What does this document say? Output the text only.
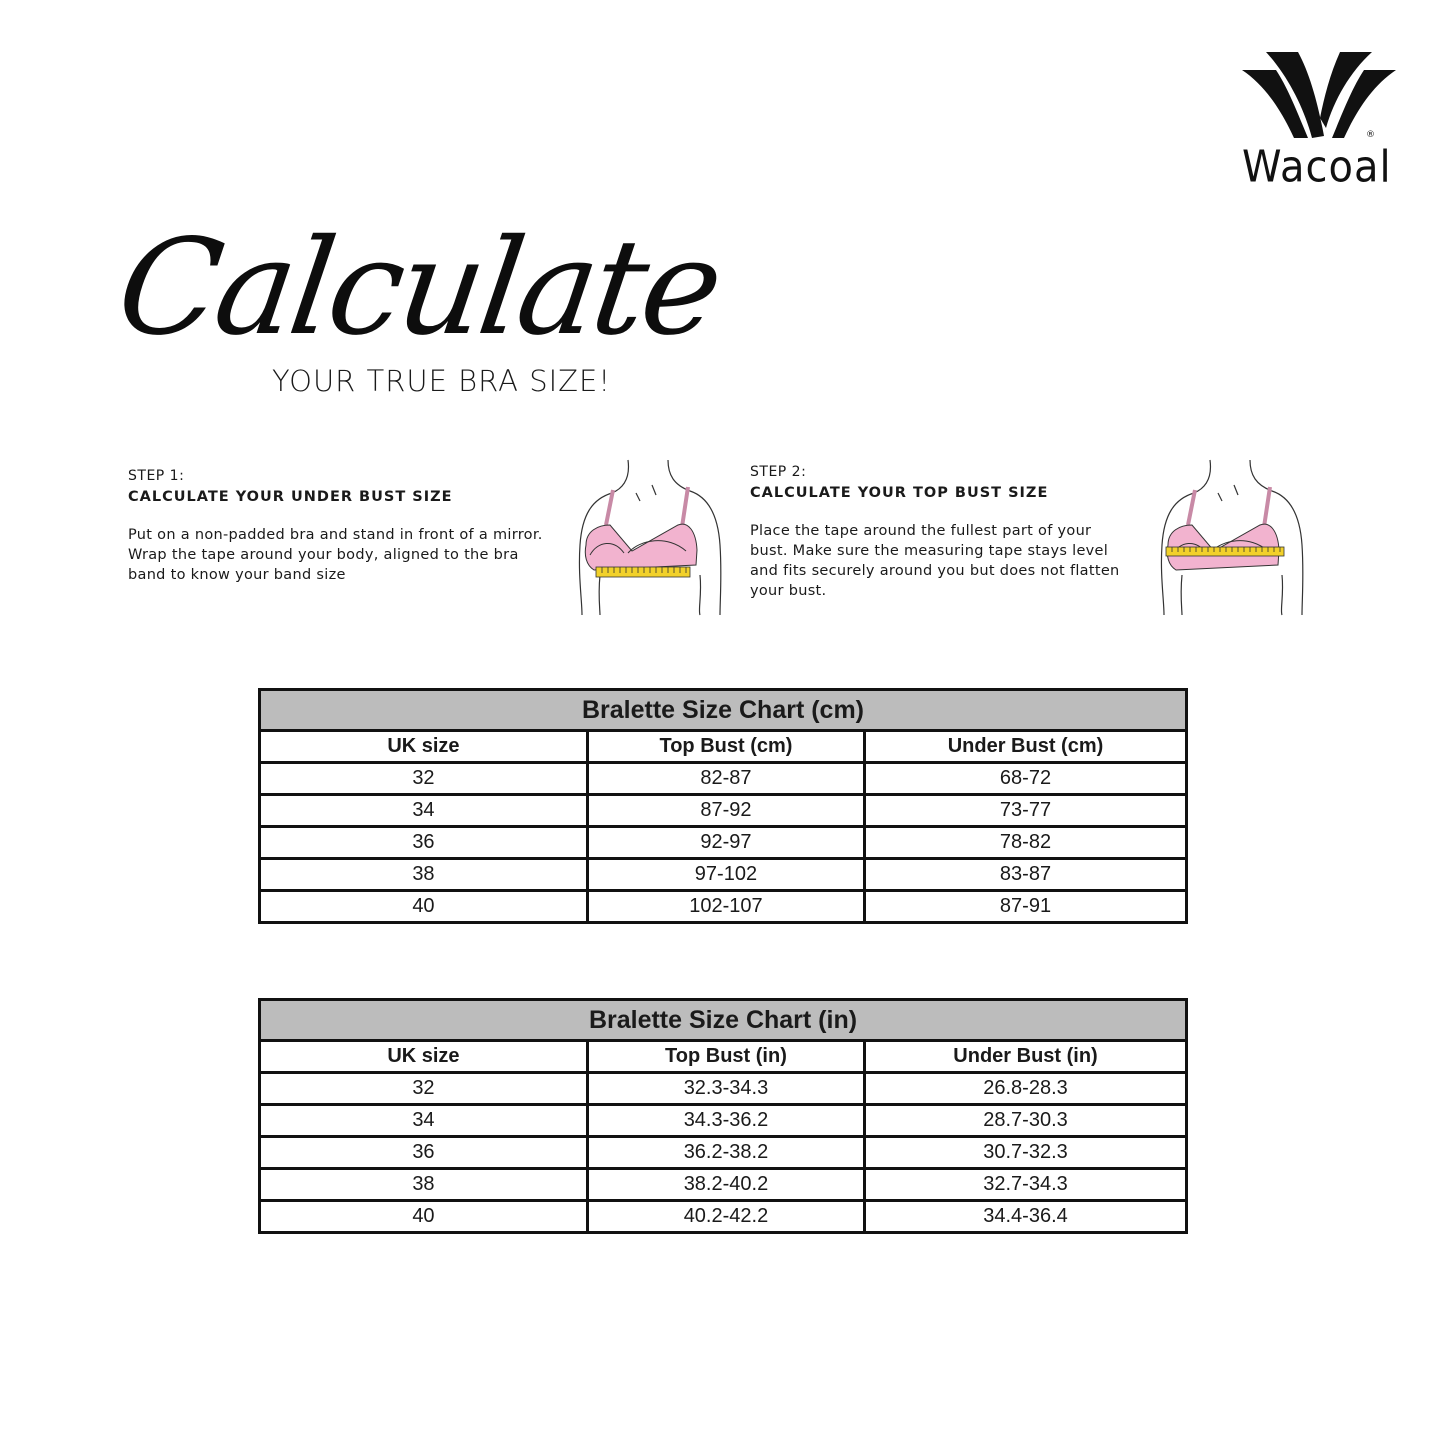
Wacoal
®
Calculate
YOUR TRUE BRA SIZE!
STEP 1:
CALCULATE YOUR UNDER BUST SIZE
Put on a non-padded bra and stand in front of a mirror. Wrap the tape around your body, aligned to the bra band to know your band size
STEP 2:
CALCULATE YOUR TOP BUST SIZE
Place the tape around the fullest part of your bust. Make sure the measuring tape stays level and fits securely around you but does not flatten your bust.
Bralette Size Chart (cm)		
UK size	Top Bust (cm)	Under Bust (cm)
32	82-87	68-72
34	87-92	73-77
36	92-97	78-82
38	97-102	83-87
40	102-107	87-91
Bralette Size Chart (in)		
UK size	Top Bust (in)	Under Bust (in)
32	32.3-34.3	26.8-28.3
34	34.3-36.2	28.7-30.3
36	36.2-38.2	30.7-32.3
38	38.2-40.2	32.7-34.3
40	40.2-42.2	34.4-36.4
